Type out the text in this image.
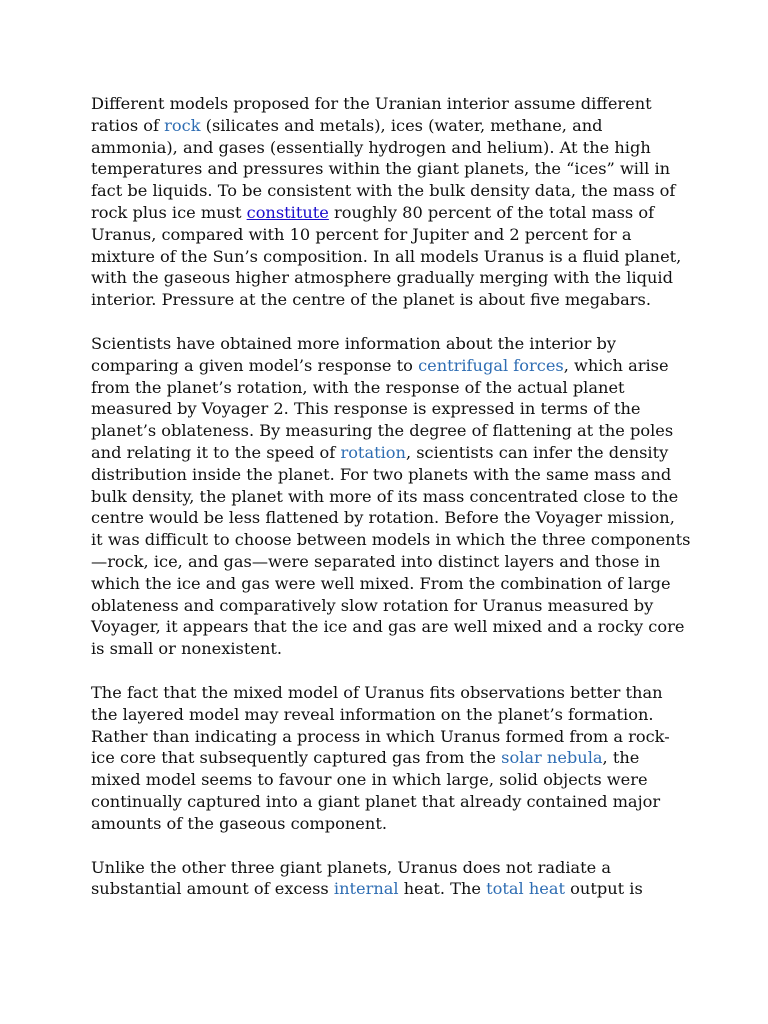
Different models proposed for the Uranian interior assume different ratios of rock (silicates and metals), ices (water, methane, and ammonia), and gases (essentially hydrogen and helium). At the high temperatures and pressures within the giant planets, the “ices” will in fact be liquids. To be consistent with the bulk density data, the mass of rock plus ice must constitute roughly 80 percent of the total mass of Uranus, compared with 10 percent for Jupiter and 2 percent for a mixture of the Sun’s composition. In all models Uranus is a fluid planet, with the gaseous higher atmosphere gradually merging with the liquid interior. Pressure at the centre of the planet is about five megabars.

Scientists have obtained more information about the interior by comparing a given model’s response to centrifugal forces, which arise from the planet’s rotation, with the response of the actual planet measured by Voyager 2. This response is expressed in terms of the planet’s oblateness. By measuring the degree of flattening at the poles and relating it to the speed of rotation, scientists can infer the density distribution inside the planet. For two planets with the same mass and bulk density, the planet with more of its mass concentrated close to the centre would be less flattened by rotation. Before the Voyager mission, it was difficult to choose between models in which the three components—rock, ice, and gas—were separated into distinct layers and those in which the ice and gas were well mixed. From the combination of large oblateness and comparatively slow rotation for Uranus measured by Voyager, it appears that the ice and gas are well mixed and a rocky core is small or nonexistent.

The fact that the mixed model of Uranus fits observations better than the layered model may reveal information on the planet’s formation. Rather than indicating a process in which Uranus formed from a rock-ice core that subsequently captured gas from the solar nebula, the mixed model seems to favour one in which large, solid objects were continually captured into a giant planet that already contained major amounts of the gaseous component.

Unlike the other three giant planets, Uranus does not radiate a substantial amount of excess internal heat. The total heat output is
